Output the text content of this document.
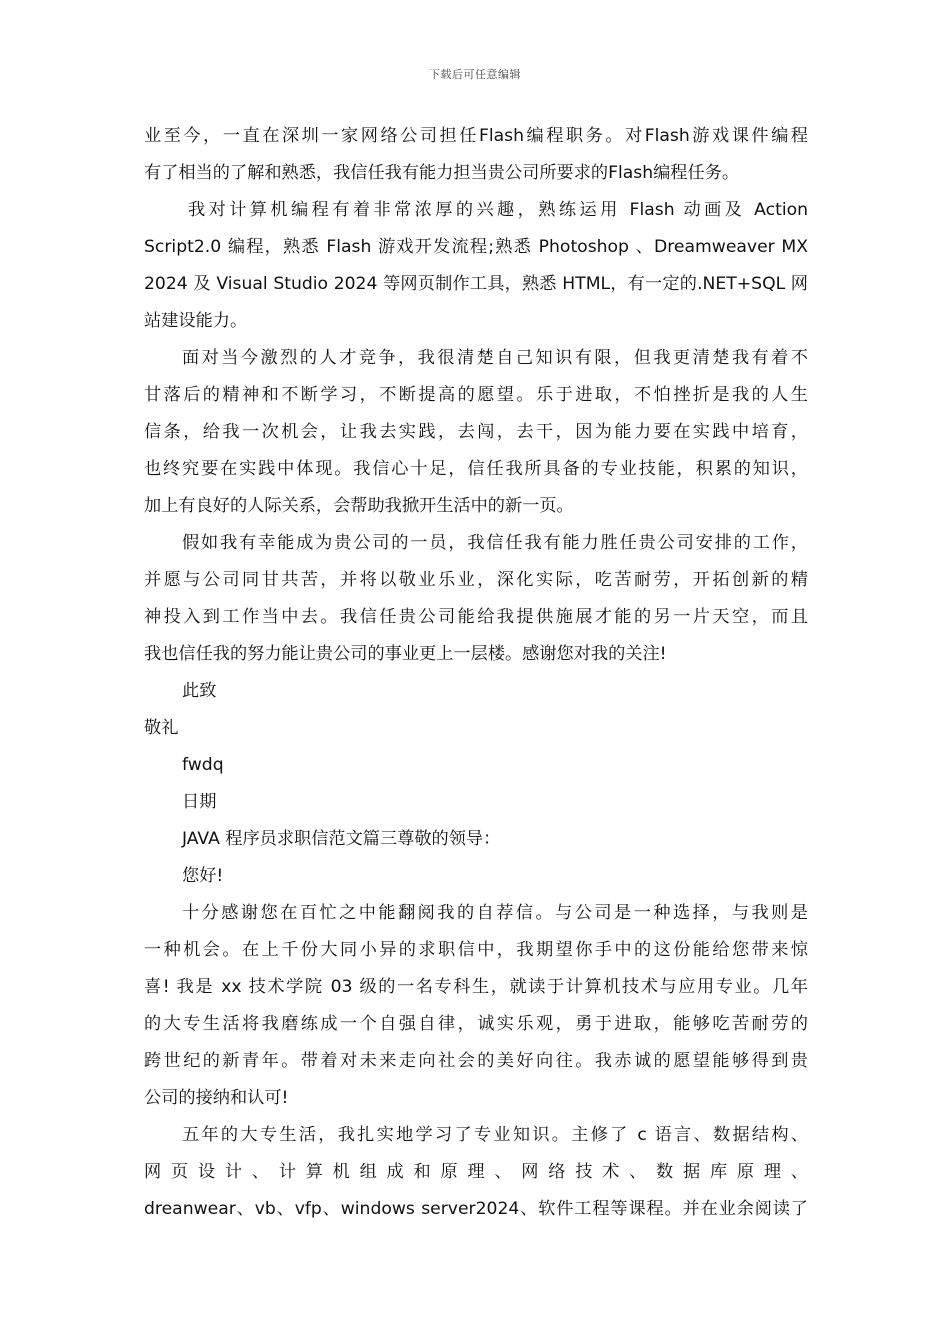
下载后可任意编辑
业至今，一直在深圳一家网络公司担任Flash编程职务。对Flash游戏课件编程
有了相当的了解和熟悉，我信任我有能力担当贵公司所要求的Flash编程任务。
我对计算机编程有着非常浓厚的兴趣，熟练运用 Flash 动画及 Action
Script2.0 编程，熟悉 Flash 游戏开发流程;熟悉 Photoshop 、Dreamweaver MX
2024 及 Visual Studio 2024 等网页制作工具，熟悉 HTML，有一定的.NET+SQL 网
站建设能力。
面对当今激烈的人才竞争，我很清楚自己知识有限，但我更清楚我有着不
甘落后的精神和不断学习，不断提高的愿望。乐于进取，不怕挫折是我的人生
信条，给我一次机会，让我去实践，去闯，去干，因为能力要在实践中培育，
也终究要在实践中体现。我信心十足，信任我所具备的专业技能，积累的知识，
加上有良好的人际关系，会帮助我掀开生活中的新一页。
假如我有幸能成为贵公司的一员，我信任我有能力胜任贵公司安排的工作，
并愿与公司同甘共苦，并将以敬业乐业，深化实际，吃苦耐劳，开拓创新的精
神投入到工作当中去。我信任贵公司能给我提供施展才能的另一片天空，而且
我也信任我的努力能让贵公司的事业更上一层楼。感谢您对我的关注!
此致
敬礼
fwdq
日期
JAVA 程序员求职信范文篇三尊敬的领导：
您好!
十分感谢您在百忙之中能翻阅我的自荐信。与公司是一种选择，与我则是
一种机会。在上千份大同小异的求职信中，我期望你手中的这份能给您带来惊
喜! 我是 xx 技术学院 03 级的一名专科生，就读于计算机技术与应用专业。几年
的大专生活将我磨练成一个自强自律，诚实乐观，勇于进取，能够吃苦耐劳的
跨世纪的新青年。带着对未来走向社会的美好向往。我赤诚的愿望能够得到贵
公司的接纳和认可!
五年的大专生活，我扎实地学习了专业知识。主修了 c 语言、数据结构、
网页设计、计算机组成和原理、网络技术、数据库原理、
dreanwear、vb、vfp、windows server2024、软件工程等课程。并在业余阅读了
